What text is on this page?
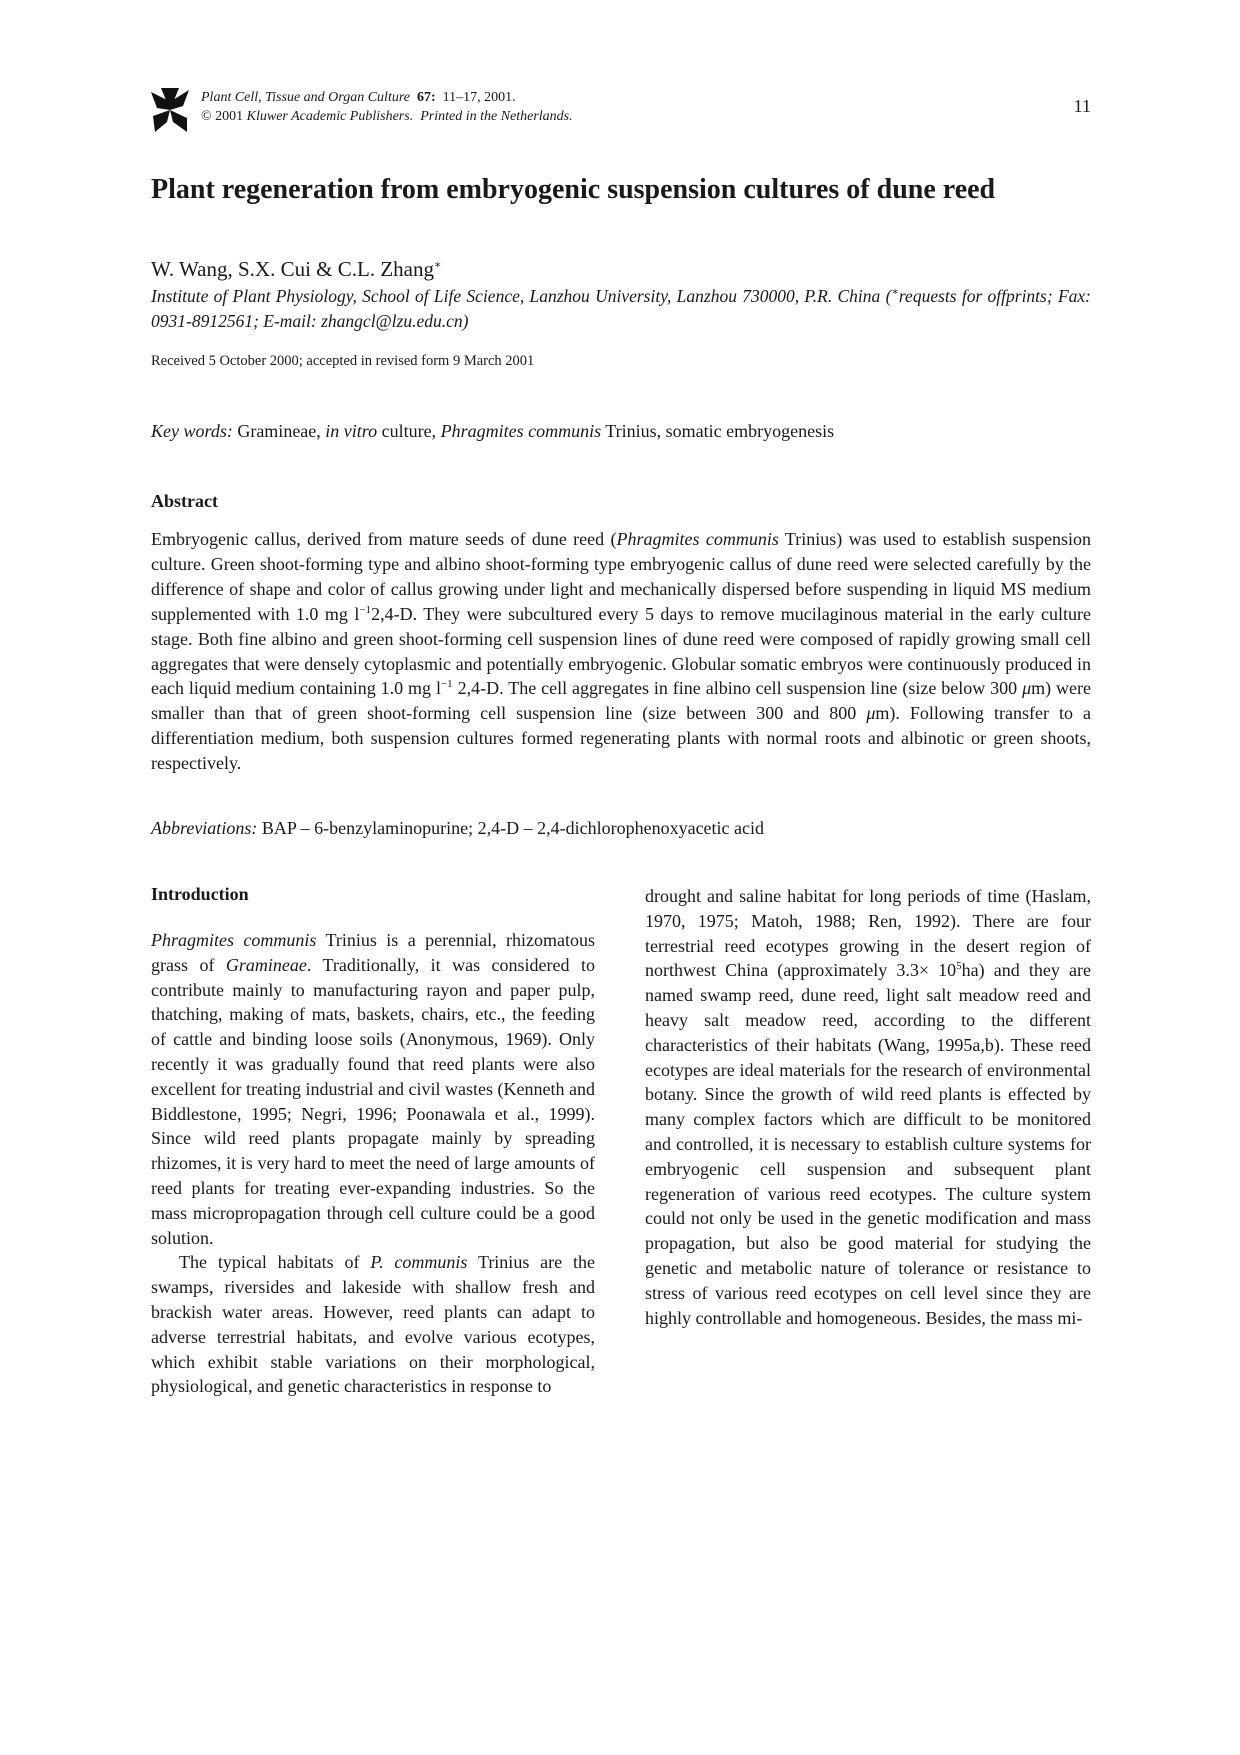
Plant Cell, Tissue and Organ Culture 67: 11–17, 2001.
© 2001 Kluwer Academic Publishers. Printed in the Netherlands.
11
Plant regeneration from embryogenic suspension cultures of dune reed
W. Wang, S.X. Cui & C.L. Zhang∗
Institute of Plant Physiology, School of Life Science, Lanzhou University, Lanzhou 730000, P.R. China (∗requests for offprints; Fax: 0931-8912561; E-mail: zhangcl@lzu.edu.cn)
Received 5 October 2000; accepted in revised form 9 March 2001
Key words: Gramineae, in vitro culture, Phragmites communis Trinius, somatic embryogenesis
Abstract

Embryogenic callus, derived from mature seeds of dune reed (Phragmites communis Trinius) was used to establish suspension culture. Green shoot-forming type and albino shoot-forming type embryogenic callus of dune reed were selected carefully by the difference of shape and color of callus growing under light and mechanically dispersed before suspending in liquid MS medium supplemented with 1.0 mg $l^{-1}2,4-D$. They were subcultured every 5 days to remove mucilaginous material in the early culture stage. Both fine albino and green shoot-forming cell suspension lines of dune reed were composed of rapidly growing small cell aggregates that were densely cytoplasmic and potentially embryogenic. Globular somatic embryos were continuously produced in each liquid medium containing 1.0 mg $l^{-1}$ 2,4-D. The cell aggregates in fine albino cell suspension line (size below 300 μm) were smaller than that of green shoot-forming cell suspension line (size between 300 and 800 μm). Following transfer to a differentiation medium, both suspension cultures formed regenerating plants with normal roots and albinotic or green shoots, respectively.

Abbreviations: BAP – 6-benzylaminopurine; 2,4-D – 2,4-dichlorophenoxyacetic acid
Introduction

Phragmites communis Trinius is a perennial, rhizomatous grass of Gramineae. Traditionally, it was considered to contribute mainly to manufacturing rayon and paper pulp, thatching, making of mats, baskets, chairs, etc., the feeding of cattle and binding loose soils (Anonymous, 1969). Only recently it was gradually found that reed plants were also excellent for treating industrial and civil wastes (Kenneth and Biddlestone, 1995; Negri, 1996; Poonawala et al., 1999). Since wild reed plants propagate mainly by spreading rhizomes, it is very hard to meet the need of large amounts of reed plants for treating ever-expanding industries. So the mass micropropagation through cell culture could be a good solution.

The typical habitats of P. communis Trinius are the swamps, riversides and lakeside with shallow fresh and brackish water areas. However, reed plants can adapt to adverse terrestrial habitats, and evolve various ecotypes, which exhibit stable variations on their morphological, physiological, and genetic characteristics in response to

drought and saline habitat for long periods of time (Haslam, 1970, 1975; Matoh, 1988; Ren, 1992). There are four terrestrial reed ecotypes growing in the desert region of northwest China (approximately $3.3\times 10^5ha$) and they are named swamp reed, dune reed, light salt meadow reed and heavy salt meadow reed, according to the different characteristics of their habitats (Wang, 1995a,b). These reed ecotypes are ideal materials for the research of environmental botany. Since the growth of wild reed plants is effected by many complex factors which are difficult to be monitored and controlled, it is necessary to establish culture systems for embryogenic cell suspension and subsequent plant regeneration of various reed ecotypes. The culture system could not only be used in the genetic modification and mass propagation, but also be good material for studying the genetic and metabolic nature of tolerance or resistance to stress of various reed ecotypes on cell level since they are highly controllable and homogeneous. Besides, the mass mi-
